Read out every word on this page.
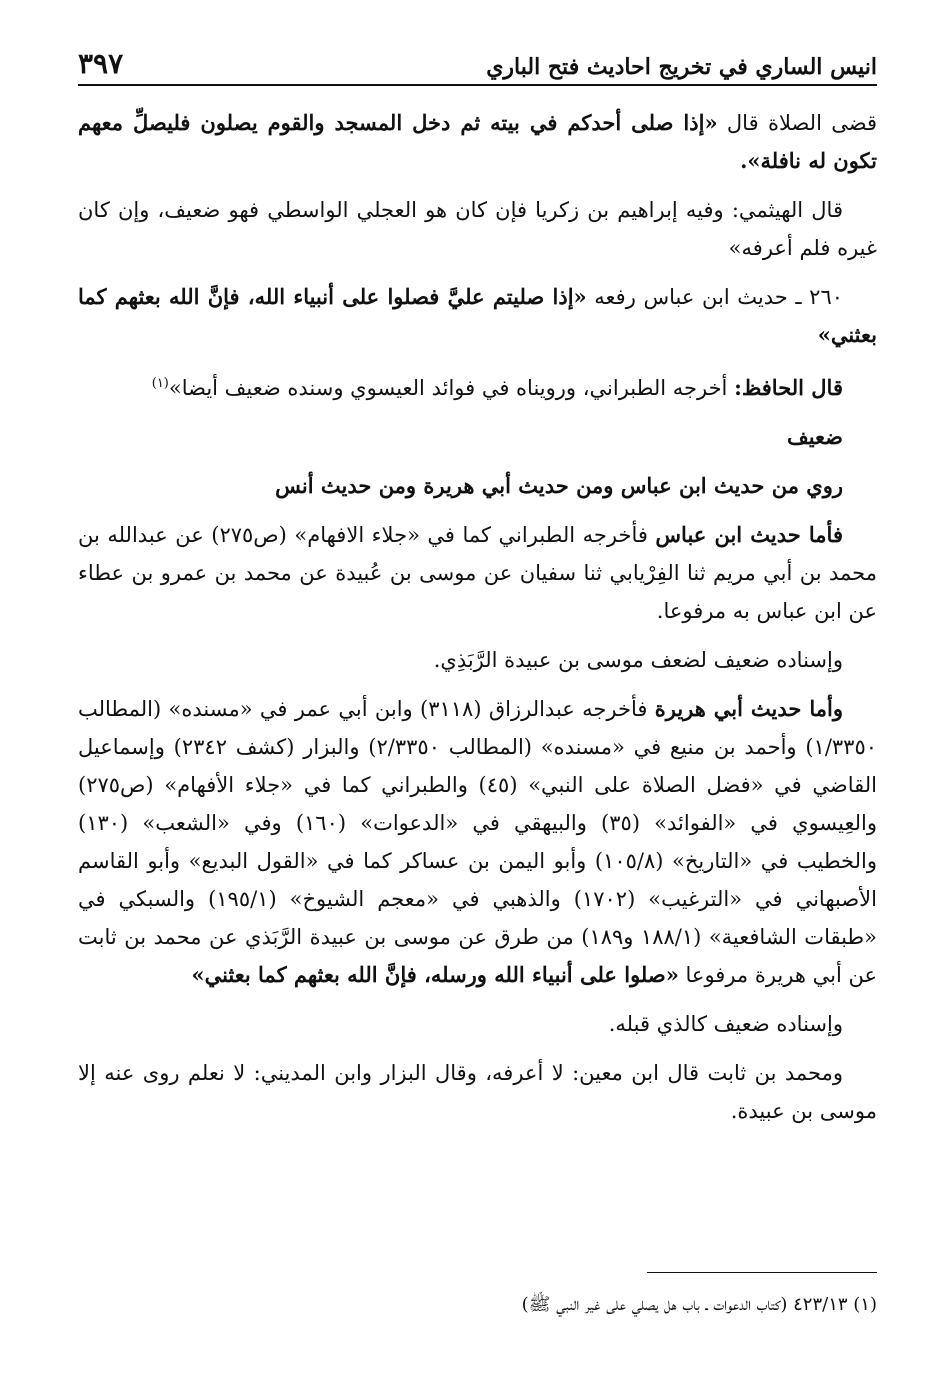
انيس الساري في تخريج احاديث فتح الباري
٣٩٧

قضى الصلاة قال «إذا صلى أحدكم في بيته ثم دخل المسجد والقوم يصلون فليصلِّ معهم تكون له نافلة».

قال الهيثمي: وفيه إبراهيم بن زكريا فإن كان هو العجلي الواسطي فهو ضعيف، وإن كان غيره فلم أعرفه»

٢٦٠ ـ حديث ابن عباس رفعه «إذا صليتم عليَّ فصلوا على أنبياء الله، فإنَّ الله بعثهم كما بعثني»

قال الحافظ: أخرجه الطبراني، ورويناه في فوائد العيسوي وسنده ضعيف أيضا»$^{(١)}$

ضعيف

روي من حديث ابن عباس ومن حديث أبي هريرة ومن حديث أنس

فأما حديث ابن عباس فأخرجه الطبراني كما في «جلاء الافهام» (ص٢٧٥) عن عبدالله بن محمد بن أبي مريم ثنا الفِرْيابي ثنا سفيان عن موسى بن عُبيدة عن محمد بن عمرو بن عطاء عن ابن عباس به مرفوعا.

وإسناده ضعيف لضعف موسى بن عبيدة الرَّبَذِي.

وأما حديث أبي هريرة فأخرجه عبدالرزاق (٣١١٨) وابن أبي عمر في «مسنده» (المطالب ١/٣٣٥٠) وأحمد بن منيع في «مسنده» (المطالب ٢/٣٣٥٠) والبزار (كشف ٢٣٤٢) وإسماعيل القاضي في «فضل الصلاة على النبي» (٤٥) والطبراني كما في «جلاء الأفهام» (ص٢٧٥) والعِيسوي في «الفوائد» (٣٥) والبيهقي في «الدعوات» (١٦٠) وفي «الشعب» (١٣٠) والخطيب في «التاريخ» (١٠٥/٨) وأبو اليمن بن عساكر كما في «القول البديع» وأبو القاسم الأصبهاني في «الترغيب» (١٧٠٢) والذهبي في «معجم الشيوخ» (١٩٥/١) والسبكي في «طبقات الشافعية» (١٨٨/١ و١٨٩) من طرق عن موسى بن عبيدة الرَّبَذي عن محمد بن ثابت عن أبي هريرة مرفوعا «صلوا على أنبياء الله ورسله، فإنَّ الله بعثهم كما بعثني»

وإسناده ضعيف كالذي قبله.

ومحمد بن ثابت قال ابن معين: لا أعرفه، وقال البزار وابن المديني: لا نعلم روى عنه إلا موسى بن عبيدة.

(١) ٤٢٣/١٣ (كتاب الدعوات ـ باب هل يصلي على غير النبي ﷺ)
